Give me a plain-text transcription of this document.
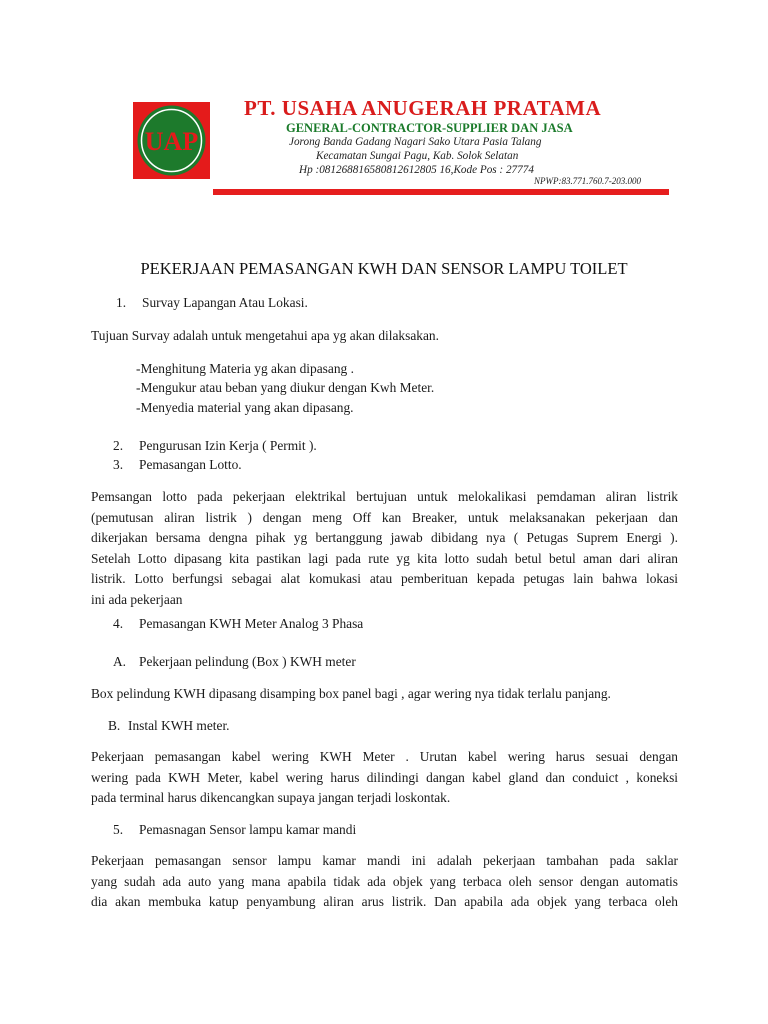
UAP
PT. USAHA ANUGERAH PRATAMA
GENERAL-CONTRACTOR-SUPPLIER DAN JASA
Jorong Banda Gadang Nagari Sako Utara Pasia Talang
Kecamatan Sungai Pagu, Kab. Solok Selatan
Hp :081268816580812612805 16,Kode Pos : 27774
NPWP:83.771.760.7-203.000
PEKERJAAN PEMASANGAN KWH DAN SENSOR LAMPU TOILET
1. Survay Lapangan Atau Lokasi.
Tujuan Survay adalah untuk mengetahui apa yg akan dilaksakan.
-Menghitung Materia yg akan dipasang .
-Mengukur atau beban yang diukur dengan Kwh Meter.
-Menyedia material yang akan dipasang.
2. Pengurusan Izin Kerja ( Permit ).
3. Pemasangan Lotto.
Pemsangan lotto pada pekerjaan elektrikal bertujuan untuk melokalikasi pemdaman aliran listrik
(pemutusan aliran listrik ) dengan meng Off kan Breaker, untuk melaksanakan pekerjaan dan
dikerjakan bersama dengna pihak yg bertanggung jawab dibidang nya ( Petugas Suprem Energi ).
Setelah Lotto dipasang kita pastikan lagi pada rute yg kita lotto sudah betul betul aman dari aliran
listrik. Lotto berfungsi sebagai alat komukasi atau pemberituan kepada petugas lain bahwa lokasi
ini ada pekerjaan
4. Pemasangan KWH Meter Analog 3 Phasa
A. Pekerjaan pelindung (Box ) KWH meter
Box pelindung KWH dipasang disamping box panel bagi , agar wering nya tidak terlalu panjang.
B. Instal KWH meter.
Pekerjaan pemasangan kabel wering KWH Meter . Urutan kabel wering harus sesuai dengan
wering pada KWH Meter, kabel wering harus dilindingi dangan kabel gland dan conduict , koneksi
pada terminal harus dikencangkan supaya jangan terjadi loskontak.
5. Pemasnagan Sensor lampu kamar mandi
Pekerjaan pemasangan sensor lampu kamar mandi ini adalah pekerjaan tambahan pada saklar
yang sudah ada auto yang mana apabila tidak ada objek yang terbaca oleh sensor dengan automatis
dia akan membuka katup penyambung aliran arus listrik. Dan apabila ada objek yang terbaca oleh
